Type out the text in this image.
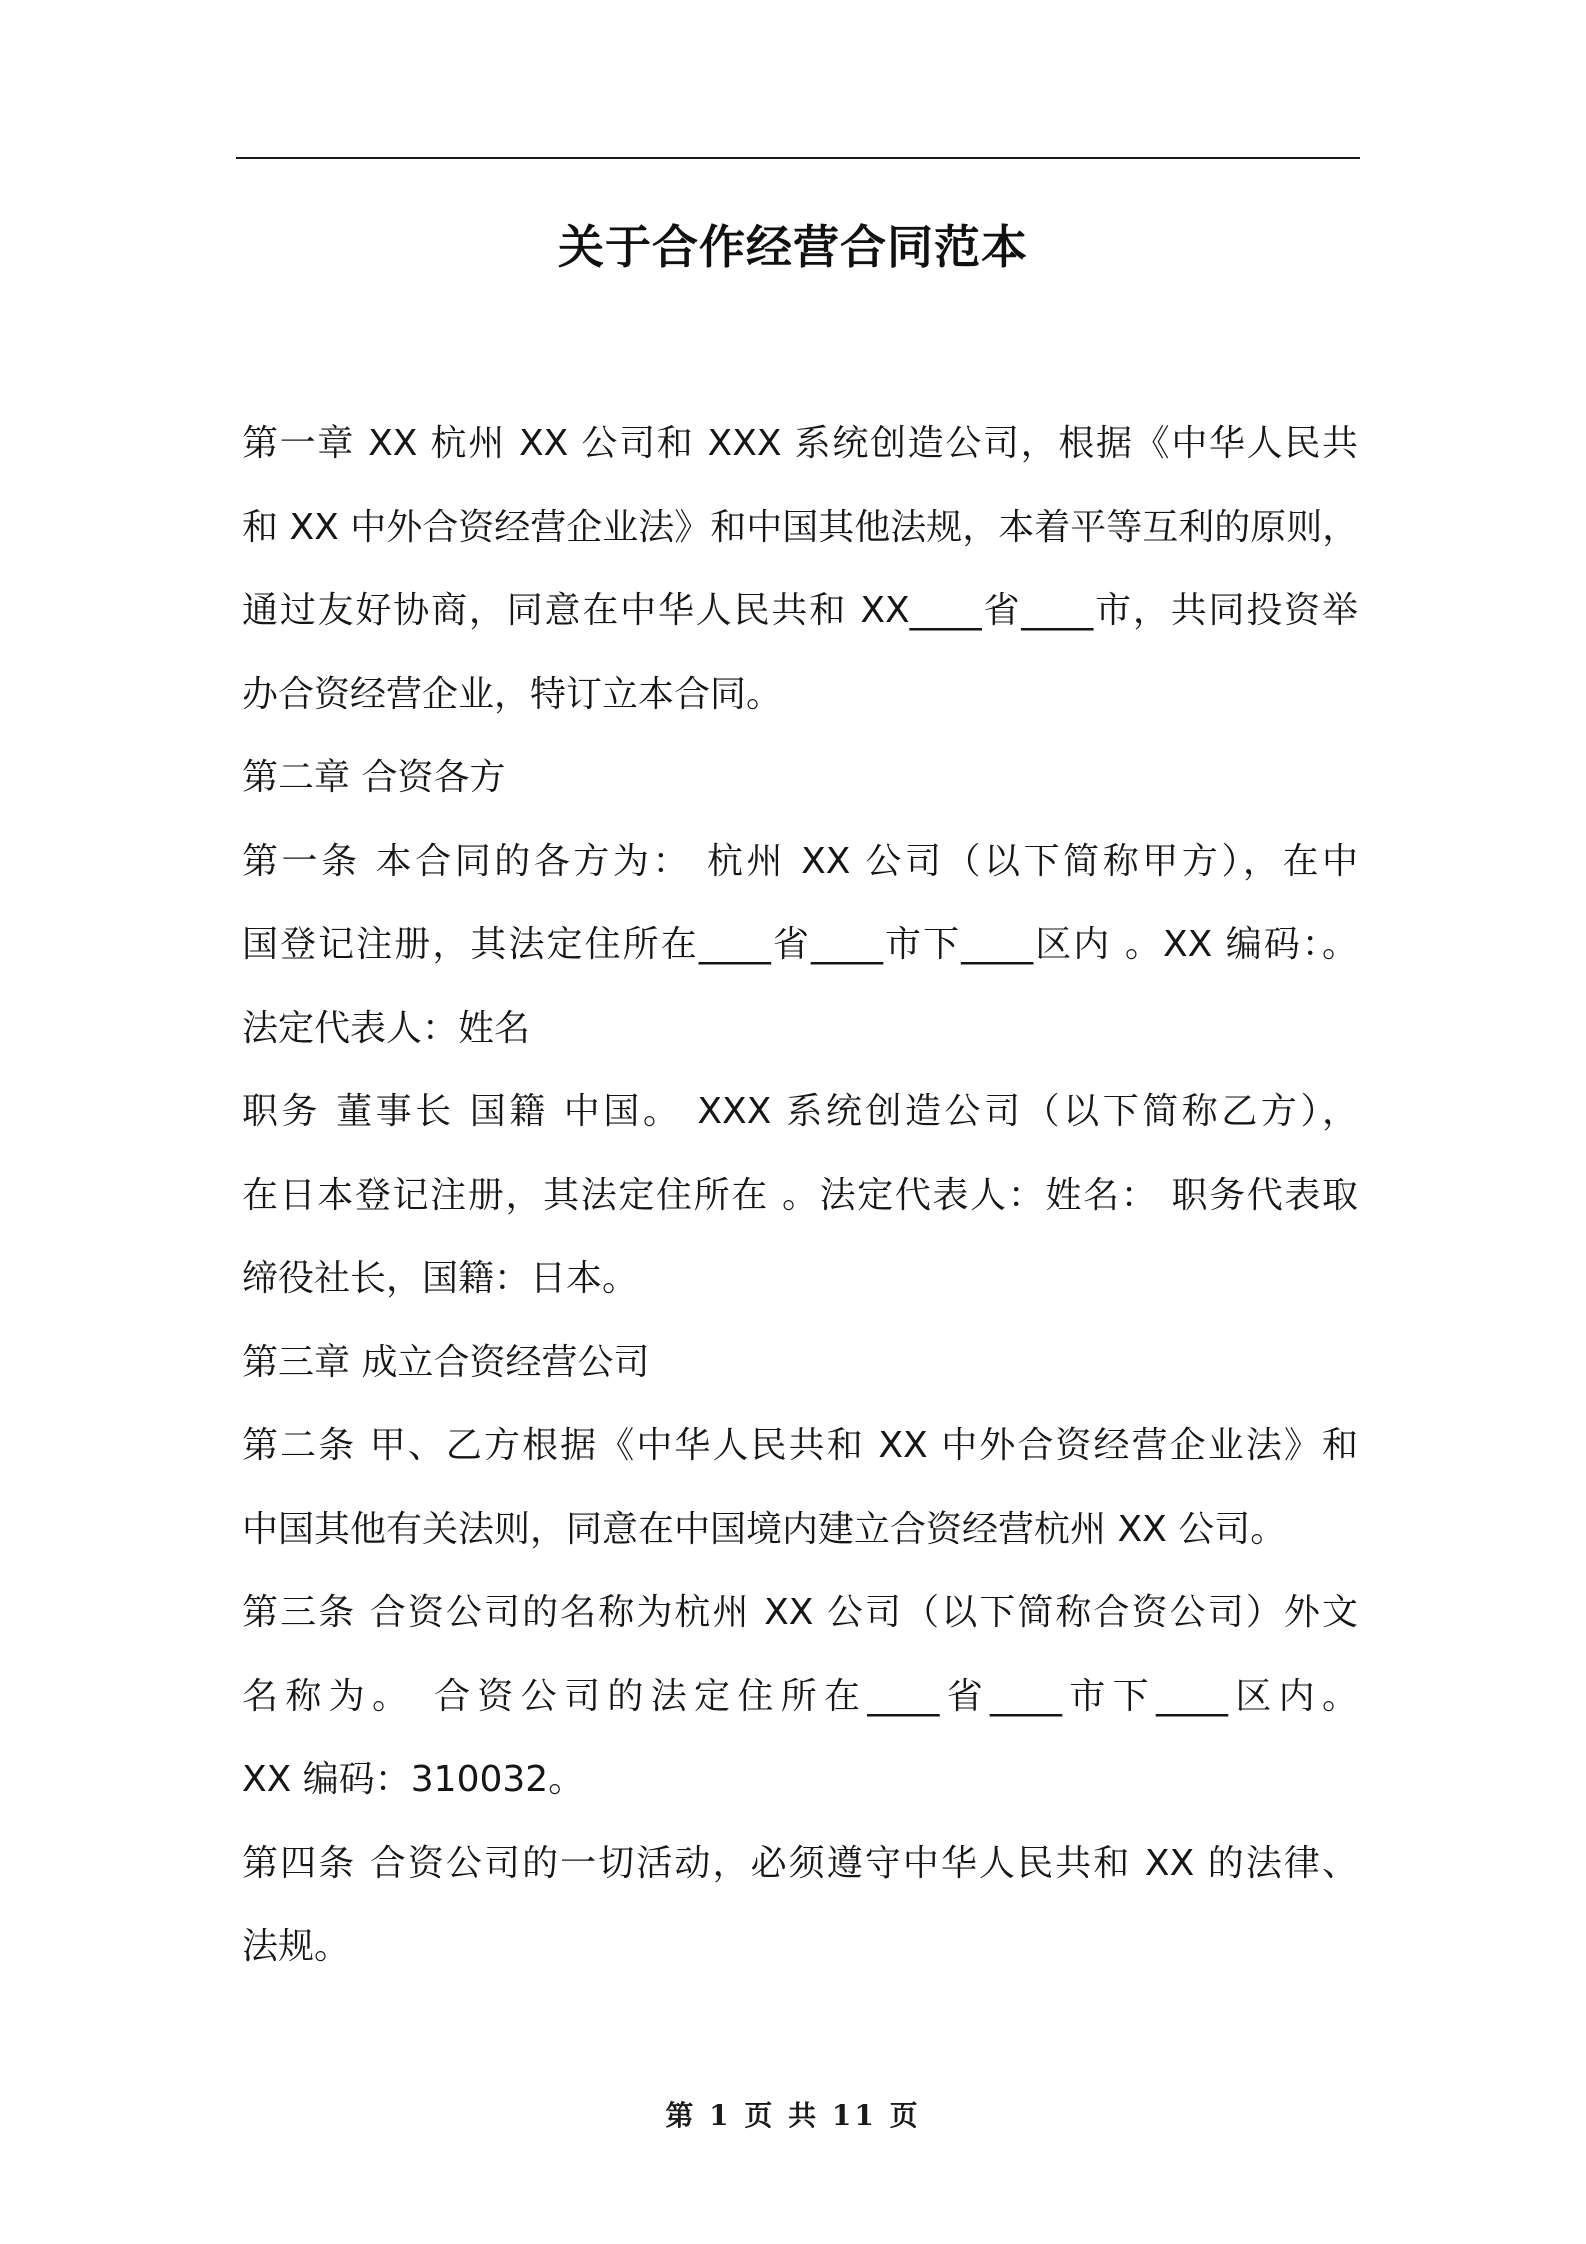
关于合作经营合同范本
第一章 XX 杭州 XX 公司和 XXX 系统创造公司，根据《中华人民共
和 XX 中外合资经营企业法》和中国其他法规，本着平等互利的原则，
通过友好协商，同意在中华人民共和 XX____省____市，共同投资举
办合资经营企业，特订立本合同。
第二章 合资各方
第一条 本合同的各方为： 杭州 XX 公司（以下简称甲方），在中
国登记注册，其法定住所在____省____市下____区内 。XX 编码：。
法定代表人：姓名
职务 董事长 国籍 中国。 XXX 系统创造公司（以下简称乙方），
在日本登记注册，其法定住所在 。法定代表人：姓名： 职务代表取
缔役社长，国籍：日本。
第三章 成立合资经营公司
第二条 甲、乙方根据《中华人民共和 XX 中外合资经营企业法》和
中国其他有关法则，同意在中国境内建立合资经营杭州 XX 公司。
第三条 合资公司的名称为杭州 XX 公司（以下简称合资公司）外文
名称为。 合资公司的法定住所在____省____市下____区内。
XX 编码：310032。
第四条 合资公司的一切活动，必须遵守中华人民共和 XX 的法律、
法规。
第 1 页 共 11 页
